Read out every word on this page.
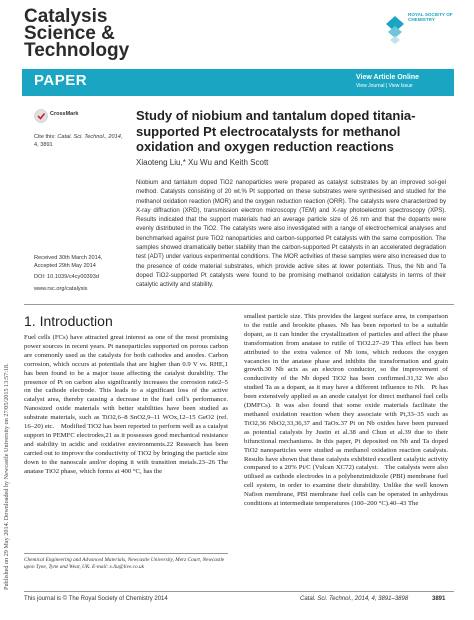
Catalysis
Science &
Technology
ROYAL SOCIETY OF CHEMISTRY
PAPER	View Article Online
View Journal | View Issue
Published on 29 May 2014. Downloaded by Newcastle University on 27/05/2015 13:57:18.
CrossMark
Cite this: Catal. Sci. Technol., 2014,
4, 3891
Received 30th March 2014,
Accepted 29th May 2014
DOI: 10.1039/c4cy00393d
www.rsc.org/catalysis
Study of niobium and tantalum doped titania-supported Pt electrocatalysts for methanol oxidation and oxygen reduction reactions
Xiaoteng Liu,* Xu Wu and Keith Scott
Niobium and tantalum doped TiO2 nanoparticles were prepared as catalyst substrates by an improved sol-gel method. Catalysts consisting of 20 wt.% Pt supported on these substrates were synthesised and studied for the methanol oxidation reaction (MOR) and the oxygen reduction reaction (ORR). The catalysts were characterized by X-ray diffraction (XRD), transmission electron microscopy (TEM) and X-ray photoelectron spectroscopy (XPS). Results indicated that the support materials had an average particle size of 26 nm and that the dopants were evenly distributed in the TiO2. The catalysts were also investigated with a range of electrochemical analyses and benchmarked against pure TiO2 nanoparticles and carbon-supported Pt catalysts with the same composition. The samples showed dramatically better stability than the carbon-supported Pt catalysts in an accelerated degradation test (ADT) under various experimental conditions. The MOR activities of these samples were also increased due to the presence of oxide material substrates, which provide active sites at lower potentials. Thus, the Nb and Ta doped TiO2-supported Pt catalysts were found to be promising methanol oxidation catalysts in terms of their catalytic activity and stability.
1. Introduction
Fuel cells (FCs) have attracted great interest as one of the most promising power sources in recent years. Pt nanoparticles supported on porous carbon are commonly used as the catalysts for both cathodes and anodes. Carbon corrosion, which occurs at potentials that are higher than 0.9 V vs. RHE,1 has been found to be a major issue affecting the catalyst durability. The presence of Pt on carbon also significantly increases the corrosion rate2–5 on the cathode electrode. This leads to a significant loss of the active catalyst area, thereby causing a decrease in the fuel cell's performance. Nanosized oxide materials with better stabilities have been studied as substrate materials, such as TiO2,6–8 SnO2,9–11 WOx,12–15 GeO2 (ref. 16–20) etc. Modified TiO2 has been reported to perform well as a catalyst support in PEMFC electrodes,21 as it possesses good mechanical resistance and stability in acidic and oxidative environments.22 Research has been carried out to improve the conductivity of TiO2 by bringing the particle size down to the nanoscale and/or doping it with transition metals.23–26 The anatase TiO2 phase, which forms at 400 °C, has the
smallest particle size. This provides the largest surface area, in comparison to the rutile and brookite phases. Nb has been reported to be a suitable dopant, as it can hinder the crystallization of particles and affect the phase transformation from anatase to rutile of TiO2.27–29 This effect has been attributed to the extra valence of Nb ions, which reduces the oxygen vacancies in the anatase phase and inhibits the transformation and grain growth.30 Nb acts as an electron conductor, so the improvement of conductivity of the Nb doped TiO2 has been confirmed.31,32 We also studied Ta as a dopant, as it may have a different influence to Nb. Pt has been extensively applied as an anode catalyst for direct methanol fuel cells (DMFCs). It was also found that some oxide materials facilitate the methanol oxidation reaction when they associate with Pt,33–35 such as TiO2,36 NbO2,33,36,37 and TaOx.37 Pt on Nb oxides have been pursued as potential catalysts by Justin et al.38 and Chun et al.39 due to their bifunctional mechanisms. In this paper, Pt deposited on Nb and Ta doped TiO2 nanoparticles were studied as methanol oxidation reaction catalysts. Results have shown that these catalysts exhibited excellent catalytic activity compared to a 20% Pt/C (Vulcan XC72) catalyst. The catalysts were also utilised as cathode electrodes in a polybenzimidizole (PBI) membrane fuel cell system, in order to examine their durability. Unlike the well known Nafion membrane, PBI membrane fuel cells can be operated in anhydrous conditions at intermediate temperatures (100–200 °C).40–43 The
Chemical Engineering and Advanced Materials, Newcastle University, Merz Court, Newcastle upon Tyne, Tyne and Wear, UK. E-mail: x.liu@live.co.uk
This journal is © The Royal Society of Chemistry 2014	Catal. Sci. Technol., 2014, 4, 3891–3898	3891
